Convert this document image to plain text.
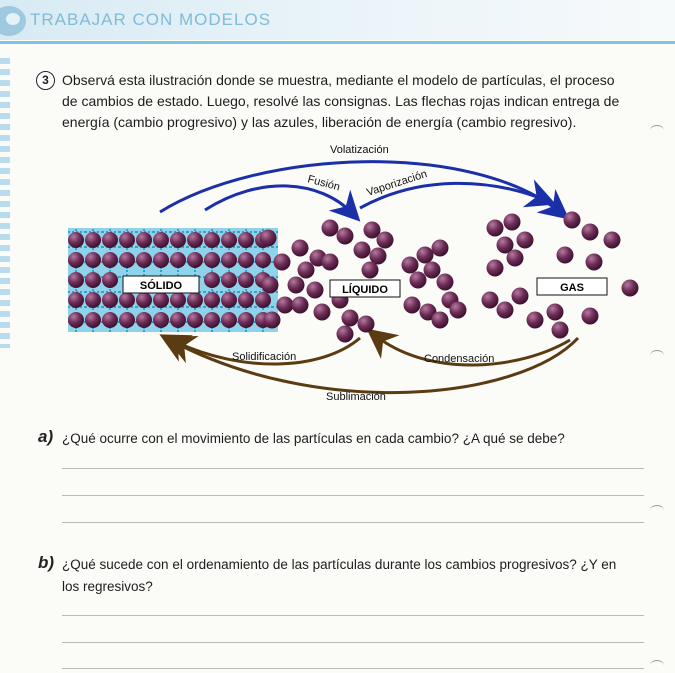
TRABAJAR CON MODELOS
3 Observá esta ilustración donde se muestra, mediante el modelo de partículas, el proceso
de cambios de estado. Luego, resolvé las consignas. Las flechas rojas indican entrega de
energía (cambio progresivo) y las azules, liberación de energía (cambio regresivo).
Volatización
Fusión Vaporización
Solidificación	Condensación
Sublimación
SÓLIDO	LÍQUIDO	GAS
a) ¿Qué ocurre con el movimiento de las partículas en cada cambio? ¿A qué se debe?
b) ¿Qué sucede con el ordenamiento de las partículas durante los cambios progresivos? ¿Y en
los regresivos?
